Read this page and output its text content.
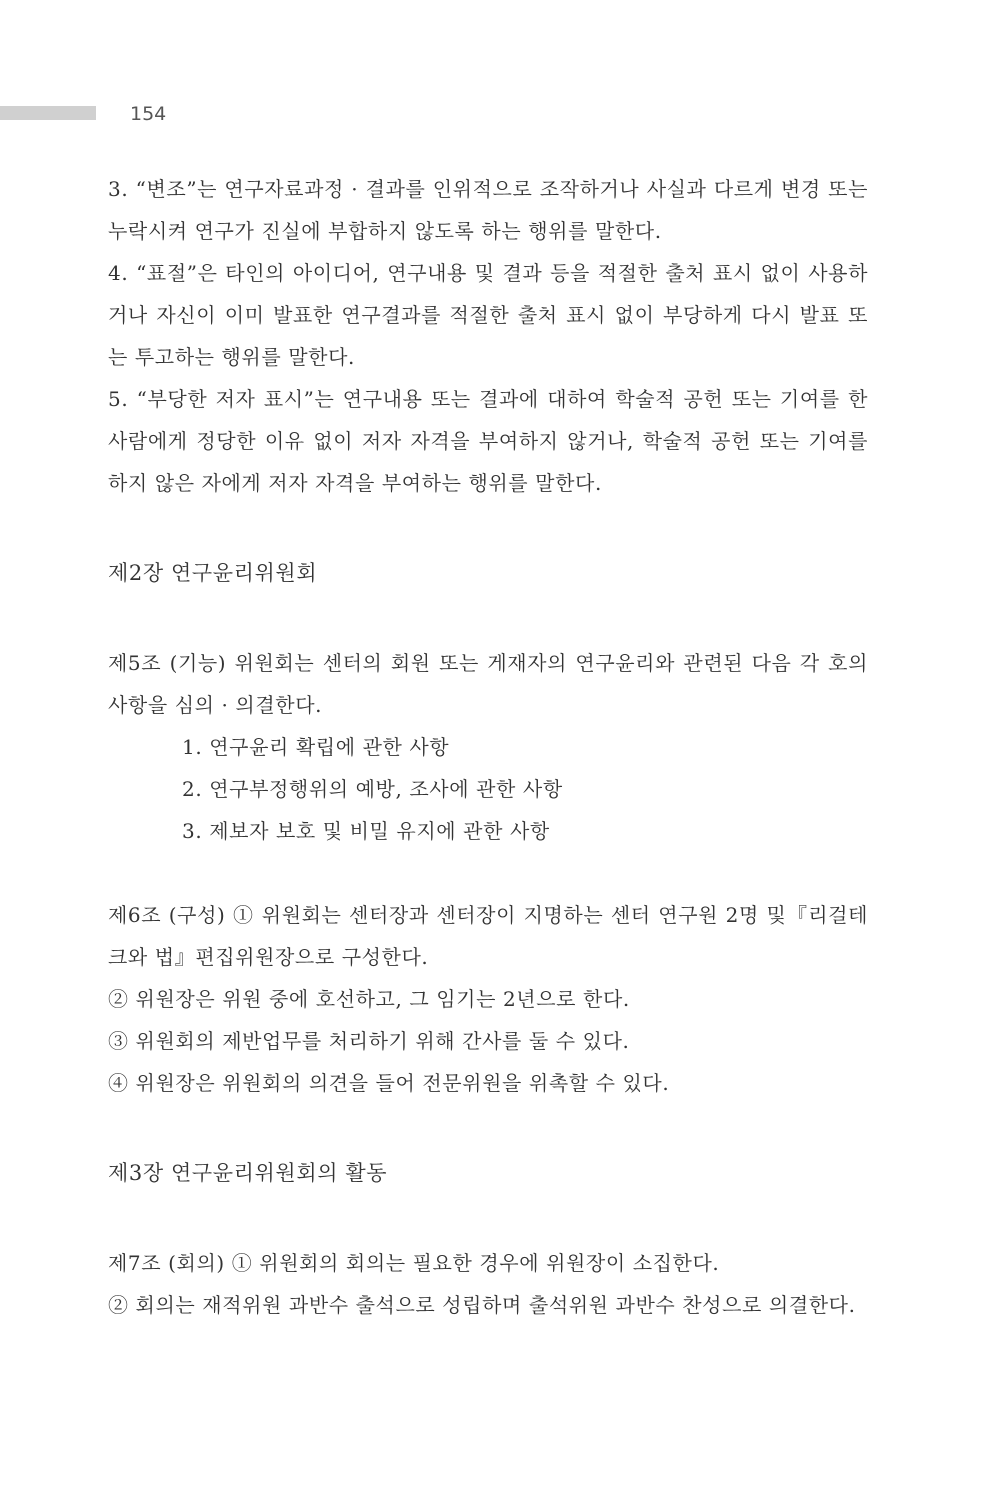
154

3. “변조”는 연구자료과정 · 결과를 인위적으로 조작하거나 사실과 다르게 변경 또는 누락시켜 연구가 진실에 부합하지 않도록 하는 행위를 말한다.

4. “표절”은 타인의 아이디어, 연구내용 및 결과 등을 적절한 출처 표시 없이 사용하거나 자신이 이미 발표한 연구결과를 적절한 출처 표시 없이 부당하게 다시 발표 또는 투고하는 행위를 말한다.

5. “부당한 저자 표시”는 연구내용 또는 결과에 대하여 학술적 공헌 또는 기여를 한 사람에게 정당한 이유 없이 저자 자격을 부여하지 않거나, 학술적 공헌 또는 기여를 하지 않은 자에게 저자 자격을 부여하는 행위를 말한다.

제2장 연구윤리위원회

제5조 (기능) 위원회는 센터의 회원 또는 게재자의 연구윤리와 관련된 다음 각 호의 사항을 심의 · 의결한다.

1. 연구윤리 확립에 관한 사항
2. 연구부정행위의 예방, 조사에 관한 사항
3. 제보자 보호 및 비밀 유지에 관한 사항

제6조 (구성) ① 위원회는 센터장과 센터장이 지명하는 센터 연구원 2명 및『리걸테크와 법』편집위원장으로 구성한다.

② 위원장은 위원 중에 호선하고, 그 임기는 2년으로 한다.

③ 위원회의 제반업무를 처리하기 위해 간사를 둘 수 있다.

④ 위원장은 위원회의 의견을 들어 전문위원을 위촉할 수 있다.

제3장 연구윤리위원회의 활동

제7조 (회의) ① 위원회의 회의는 필요한 경우에 위원장이 소집한다.

② 회의는 재적위원 과반수 출석으로 성립하며 출석위원 과반수 찬성으로 의결한다.
